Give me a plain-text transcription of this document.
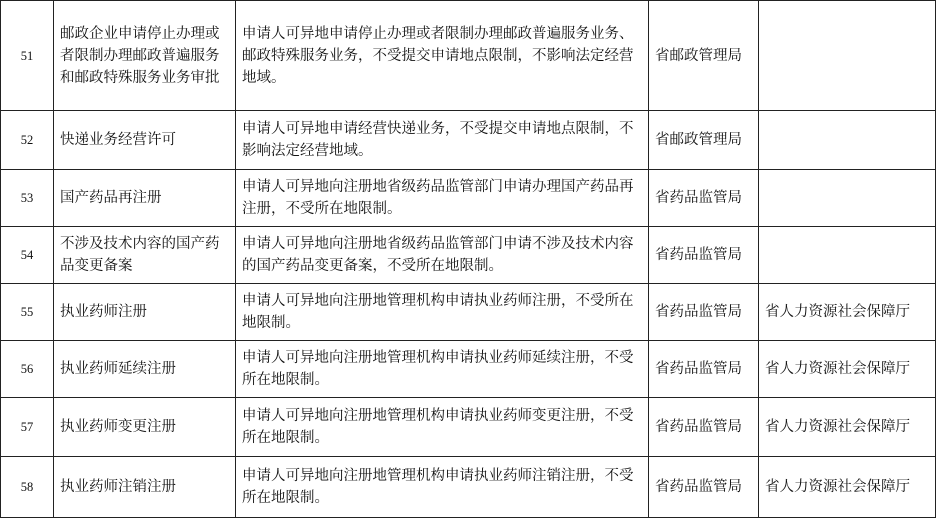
51	邮政企业申请停止办理或者限制办理邮政普遍服务和邮政特殊服务业务审批	申请人可异地申请停止办理或者限制办理邮政普遍服务业务、邮政特殊服务业务，不受提交申请地点限制，不影响法定经营地域。	省邮政管理局	
52	快递业务经营许可	申请人可异地申请经营快递业务，不受提交申请地点限制，不影响法定经营地域。	省邮政管理局	
53	国产药品再注册	申请人可异地向注册地省级药品监管部门申请办理国产药品再注册，不受所在地限制。	省药品监管局	
54	不涉及技术内容的国产药品变更备案	申请人可异地向注册地省级药品监管部门申请不涉及技术内容的国产药品变更备案，不受所在地限制。	省药品监管局	
55	执业药师注册	申请人可异地向注册地管理机构申请执业药师注册，不受所在地限制。	省药品监管局	省人力资源社会保障厅
56	执业药师延续注册	申请人可异地向注册地管理机构申请执业药师延续注册，不受所在地限制。	省药品监管局	省人力资源社会保障厅
57	执业药师变更注册	申请人可异地向注册地管理机构申请执业药师变更注册，不受所在地限制。	省药品监管局	省人力资源社会保障厅
58	执业药师注销注册	申请人可异地向注册地管理机构申请执业药师注销注册，不受所在地限制。	省药品监管局	省人力资源社会保障厅
